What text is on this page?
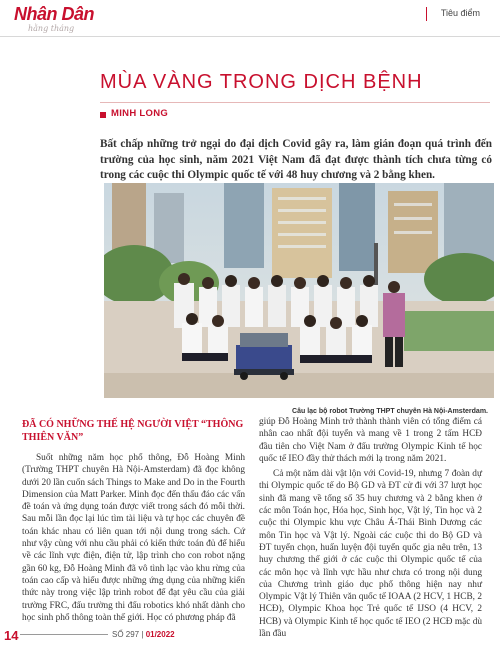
Nhân Dân
hằng tháng
Tiêu điểm
MÙA VÀNG TRONG DỊCH BỆNH
MINH LONG
Bất chấp những trở ngại do đại dịch Covid gây ra, làm gián đoạn quá trình đến trường của học sinh, năm 2021 Việt Nam đã đạt được thành tích chưa từng có trong các cuộc thi Olympic quốc tế với 48 huy chương và 2 bằng khen.
Câu lạc bộ robot Trường THPT chuyên Hà Nội-Amsterdam.
ĐÃ CÓ NHỮNG THẾ HỆ NGƯỜI VIỆT “THÔNG THIÊN VĂN”

Suốt những năm học phổ thông, Đỗ Hoàng Minh (Trường THPT chuyên Hà Nội-Amsterdam) đã đọc không dưới 20 lần cuốn sách Things to Make and Do in the Fourth Dimension của Matt Parker. Minh đọc đến thấu đáo các vấn đề toán và ứng dụng toán được viết trong sách đó mỗi thời. Sau mỗi lần đọc lại lúc tìm tài liệu và tự học các chuyên đề toán khác nhau có liên quan tới nội dung trong sách. Cứ như vậy cùng với nhu cầu phải có kiến thức toán đủ để hiểu về các lĩnh vực điện, điện tử, lập trình cho con robot nặng gần 60 kg, Đỗ Hoàng Minh đã vô tình lạc vào khu rừng của toán cao cấp và hiểu được những ứng dụng của những kiến thức này trong việc lập trình robot để đạt yêu cầu của giải trường FRC, đấu trường thi đấu robotics khó nhất dành cho học sinh phổ thông toàn thế giới. Học có phương pháp đã

giúp Đỗ Hoàng Minh trở thành thành viên có tổng điểm cá nhân cao nhất đội tuyển và mang về 1 trong 2 tấm HCĐ đầu tiên cho Việt Nam ở đấu trường Olympic Kinh tế học quốc tế IEO đầy thử thách mới lạ trong năm 2021.

Cả một năm dài vật lộn với Covid-19, nhưng 7 đoàn dự thi Olympic quốc tế do Bộ GD và ĐT cử đi với 37 lượt học sinh đã mang về tổng số 35 huy chương và 2 bằng khen ở các môn Toán học, Hóa học, Sinh học, Vật lý, Tin học và 2 cuộc thi Olympic khu vực Châu Á-Thái Bình Dương các môn Tin học và Vật lý. Ngoài các cuộc thi do Bộ GD và ĐT tuyển chọn, huấn luyện đội tuyển quốc gia nêu trên, 13 huy chương thế giới ở các cuộc thi Olympic quốc tế của các môn học và lĩnh vực hầu như chưa có trong nội dung của Chương trình giáo dục phổ thông hiện nay như Olympic Vật lý Thiên văn quốc tế IOAA (2 HCV, 1 HCB, 2 HCĐ), Olympic Khoa học Trẻ quốc tế IJSO (4 HCV, 2 HCB) và Olympic Kinh tế học quốc tế IEO (2 HCĐ mặc dù lần đầu

14	SỐ 297 | 01/2022
